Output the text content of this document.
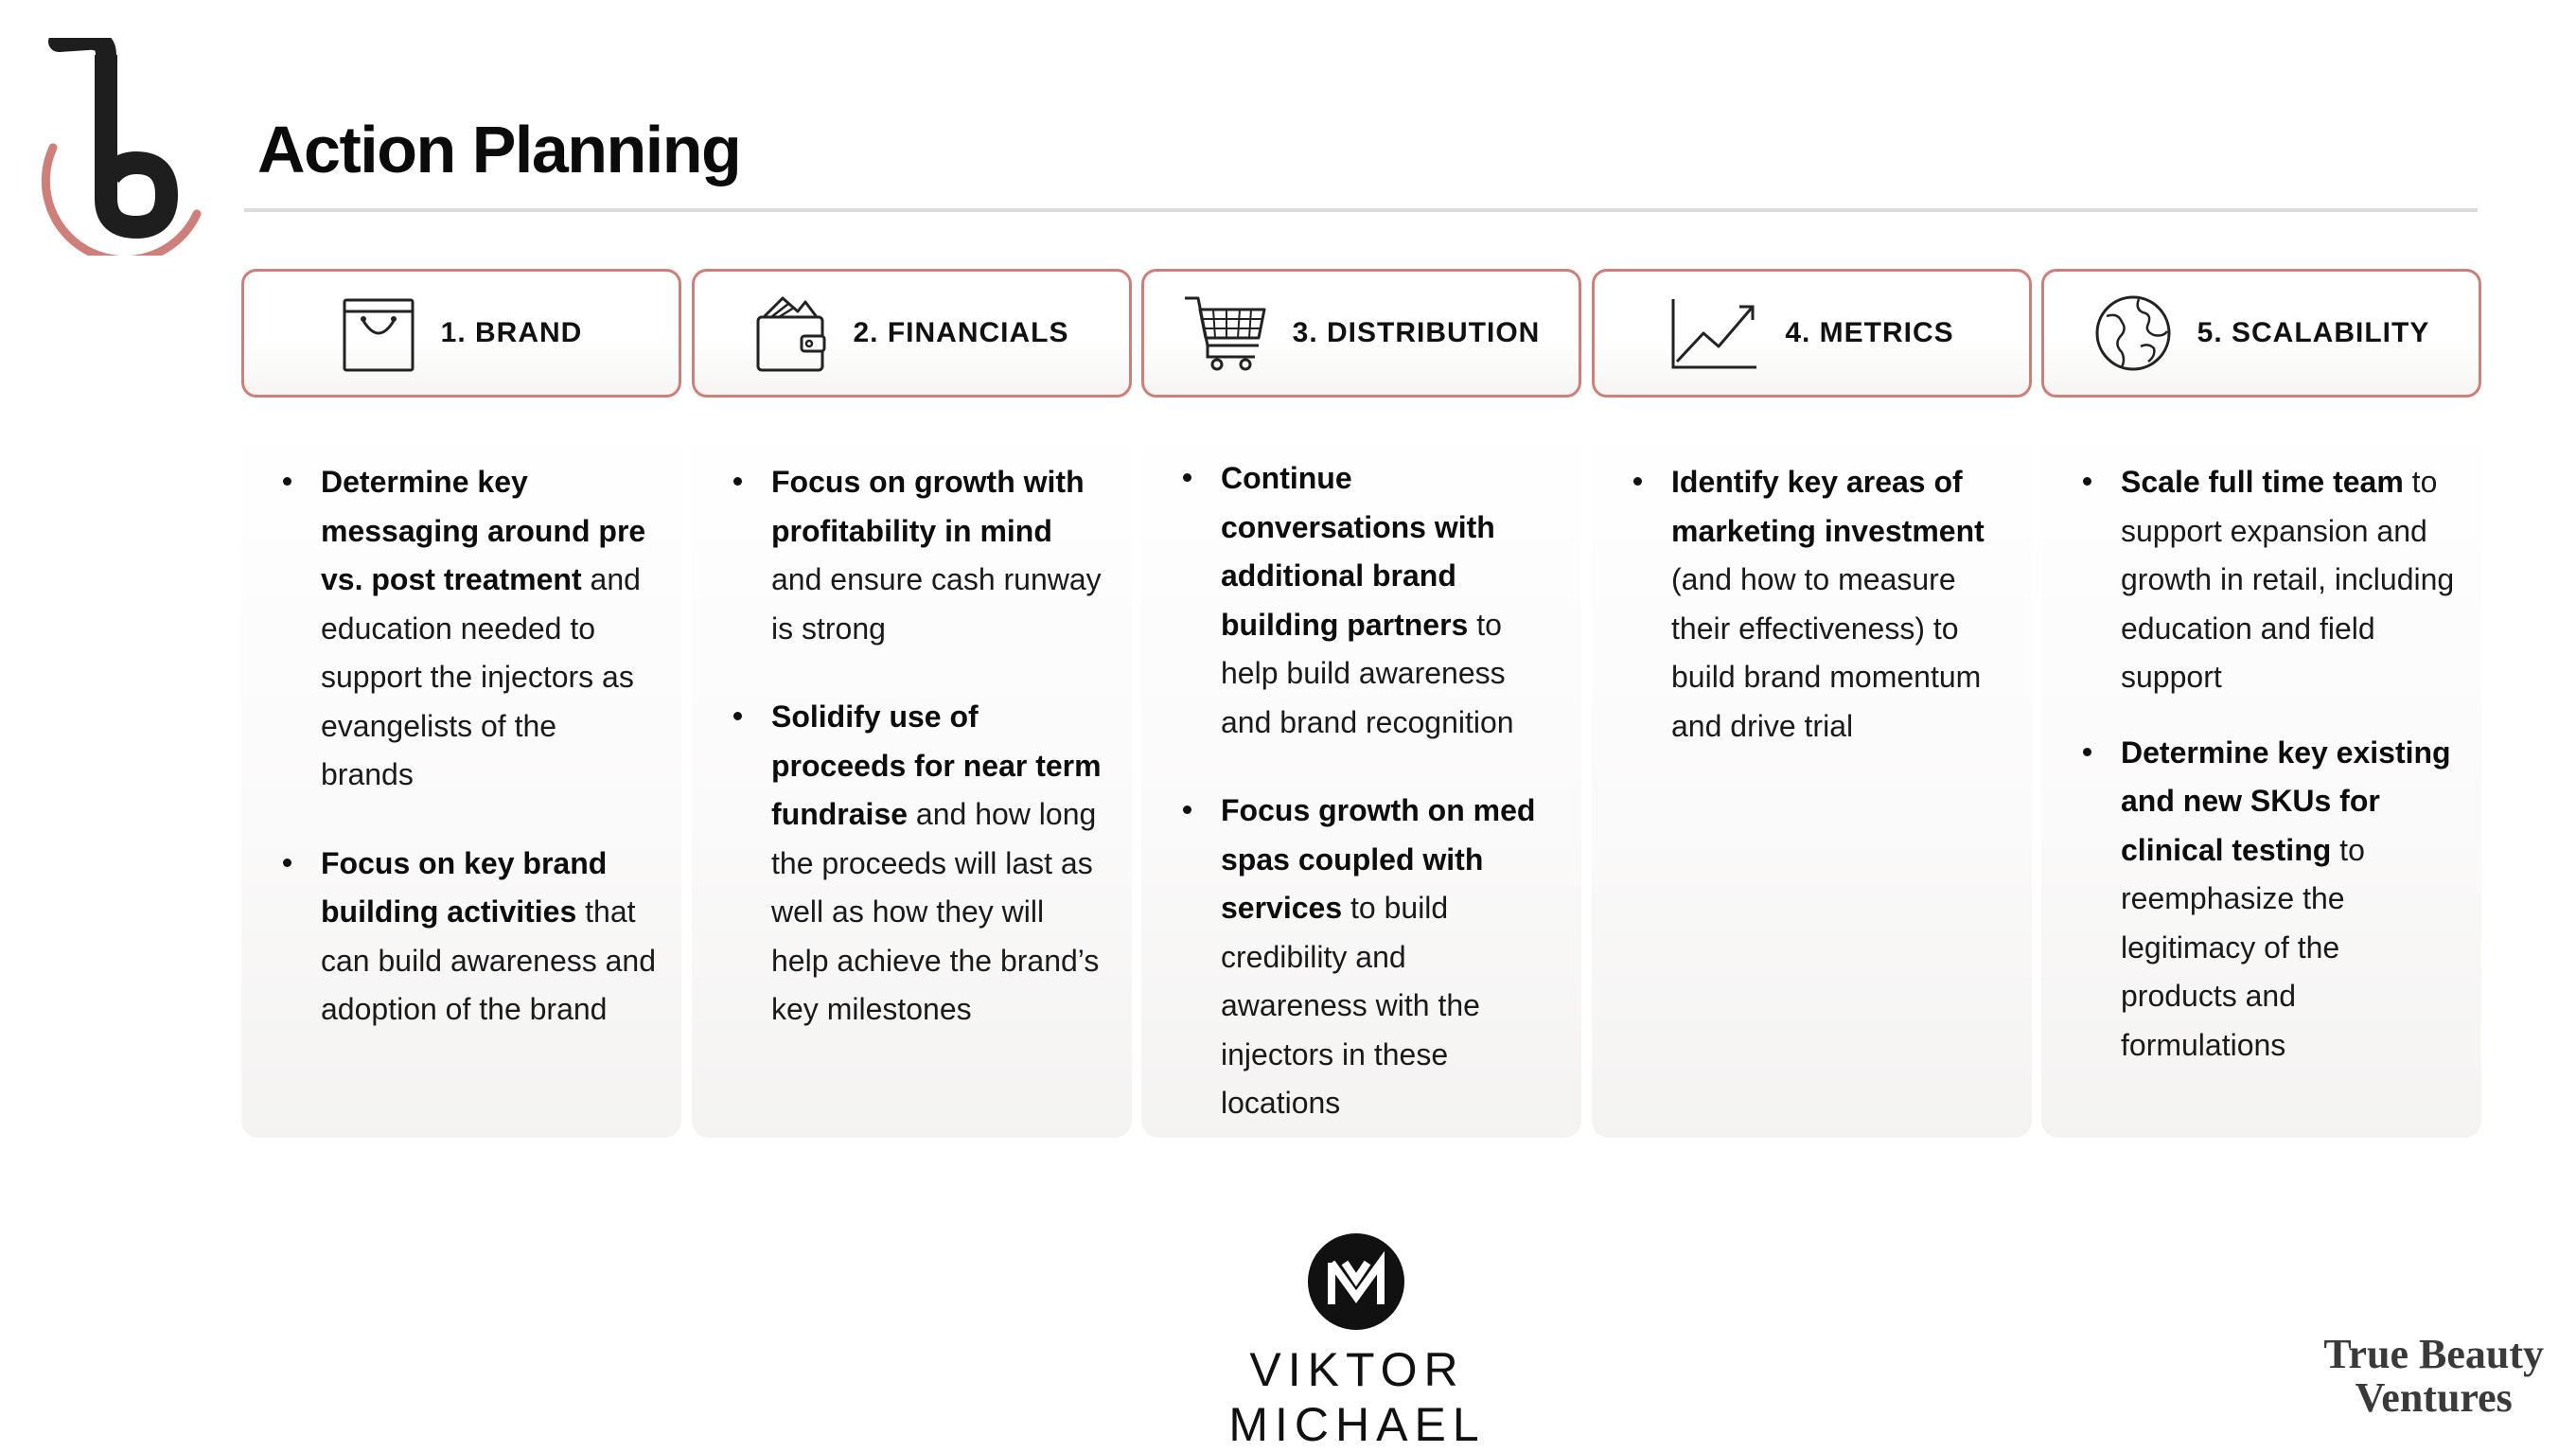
Action Planning
1. BRAND
Determine key messaging around pre vs. post treatment and education needed to support the injectors as evangelists of the brands
Focus on key brand building activities that can build awareness and adoption of the brand
2. FINANCIALS
Focus on growth with profitability in mind and ensure cash runway is strong
Solidify use of proceeds for near term fundraise and how long the proceeds will last as well as how they will help achieve the brand’s key milestones
3. DISTRIBUTION
Continue conversations with additional brand building partners to help build awareness and brand recognition
Focus growth on med spas coupled with services to build credibility and awareness with the injectors in these locations
4. METRICS
Identify key areas of marketing investment (and how to measure their effectiveness) to build brand momentum and drive trial
5. SCALABILITY
Scale full time team to support expansion and growth in retail, including education and field support
Determine key existing and new SKUs for clinical testing to reemphasize the legitimacy of the products and formulations
VIKTOR MICHAEL
True Beauty
Ventures
